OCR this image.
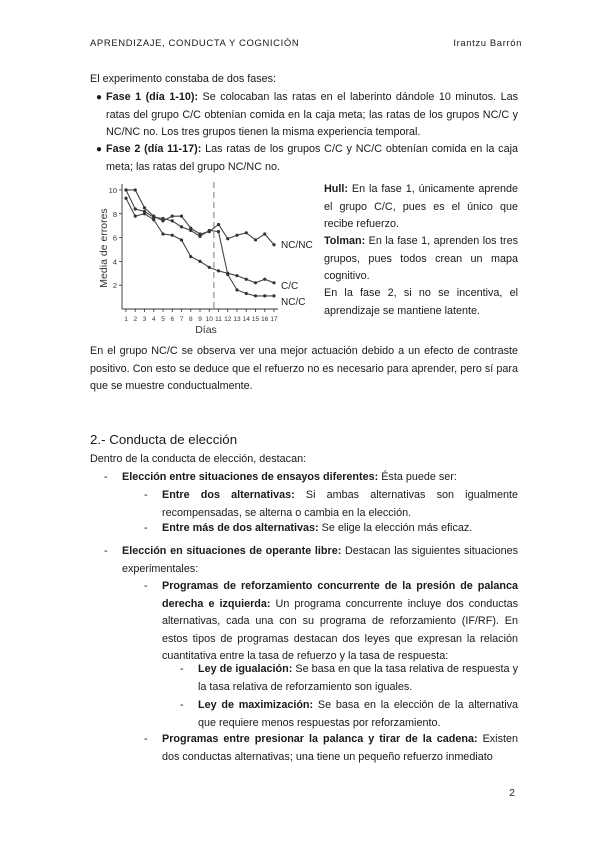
APRENDIZAJE, CONDUCTA Y COGNICIÓN	Irantzu Barrón
El experimento constaba de dos fases:
● Fase 1 (día 1-10): Se colocaban las ratas en el laberinto dándole 10 minutos. Las ratas del grupo C/C obtenían comida en la caja meta; las ratas de los grupos NC/C y NC/NC no. Los tres grupos tienen la misma experiencia temporal.
● Fase 2 (día 11-17): Las ratas de los grupos C/C y NC/C obtenían comida en la caja meta; las ratas del grupo NC/NC no.
2
4
6
8
10
1 2 3 4 5 6 7 8 9 10 11 12 13 14 15 16 17
Media de errores
Días
NC/NC
C/C
NC/C
Hull: En la fase 1, únicamente aprende el grupo C/C, pues es el único que recibe refuerzo.
Tolman: En la fase 1, aprenden los tres grupos, pues todos crean un mapa cognitivo.
En la fase 2, si no se incentiva, el aprendizaje se mantiene latente.
En el grupo NC/C se observa ver una mejor actuación debido a un efecto de contraste positivo. Con esto se deduce que el refuerzo no es necesario para aprender, pero sí para que se muestre conductualmente.
2.- Conducta de elección
Dentro de la conducta de elección, destacan:
- Elección entre situaciones de ensayos diferentes: Ésta puede ser:
- Entre dos alternativas: Si ambas alternativas son igualmente recompensadas, se alterna o cambia en la elección.
- Entre más de dos alternativas: Se elige la elección más eficaz.
- Elección en situaciones de operante libre: Destacan las siguientes situaciones experimentales:
- Programas de reforzamiento concurrente de la presión de palanca derecha e izquierda: Un programa concurrente incluye dos conductas alternativas, cada una con su programa de reforzamiento (IF/RF). En estos tipos de programas destacan dos leyes que expresan la relación cuantitativa entre la tasa de refuerzo y la tasa de respuesta:
- Ley de igualación: Se basa en que la tasa relativa de respuesta y la tasa relativa de reforzamiento son iguales.
- Ley de maximización: Se basa en la elección de la alternativa que requiere menos respuestas por reforzamiento.
- Programas entre presionar la palanca y tirar de la cadena: Existen dos conductas alternativas; una tiene un pequeño refuerzo inmediato
2
